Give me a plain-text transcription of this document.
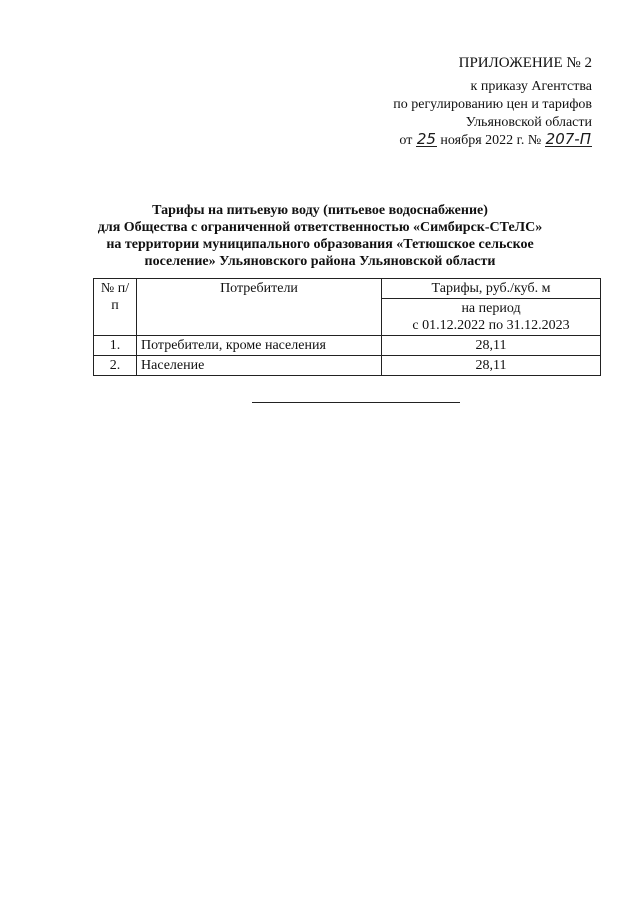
ПРИЛОЖЕНИЕ № 2
к приказу Агентства
по регулированию цен и тарифов
Ульяновской области
от 25 ноября 2022 г. № 207-П
Тарифы на питьевую воду (питьевое водоснабжение)
для Общества с ограниченной ответственностью «Симбирск-СТеЛС»
на территории муниципального образования «Тетюшское сельское
поселение» Ульяновского района Ульяновской области
№ п/п	Потребители	Тарифы, руб./куб. м

		на период
с 01.12.2022 по 31.12.2023

1.	Потребители, кроме населения	28,11
2.	Население	28,11
